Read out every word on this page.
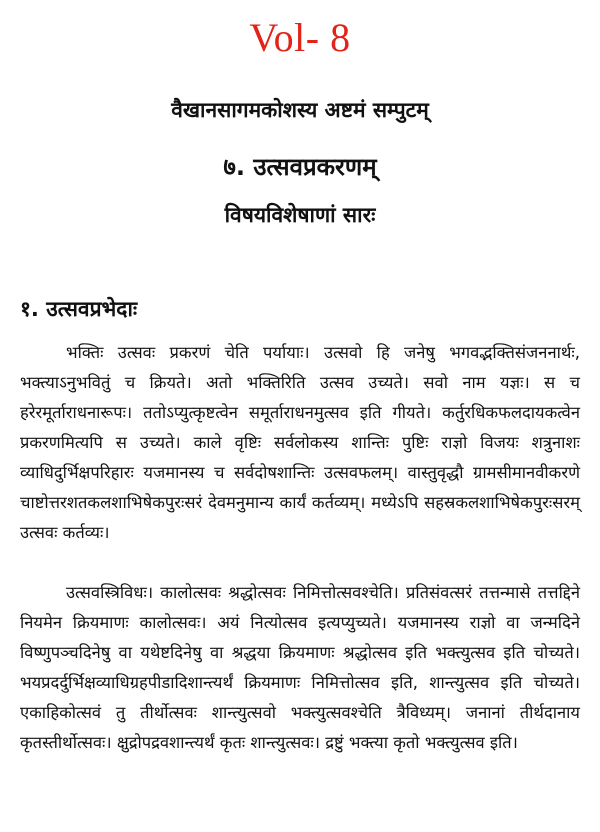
Vol- 8
वैखानसागमकोशस्य अष्टमं सम्पुटम्
७. उत्सवप्रकरणम्
विषयविशेषाणां सारः
१. उत्सवप्रभेदाः

भक्तिः उत्सवः प्रकरणं चेति पर्यायाः। उत्सवो हि जनेषु भगवद्भक्तिसंजननार्थः, भक्त्याऽनुभवितुं च क्रियते। अतो भक्तिरिति उत्सव उच्यते। सवो नाम यज्ञः। स च हरेरमूर्ताराधनारूपः। ततोऽप्युत्कृष्टत्वेन समूर्ताराधनमुत्सव इति गीयते। कर्तुरधिकफलदायकत्वेन प्रकरणमित्यपि स उच्यते। काले वृष्टिः सर्वलोकस्य शान्तिः पुष्टिः राज्ञो विजयः शत्रुनाशः व्याधिदुर्भिक्षपरिहारः यजमानस्य च सर्वदोषशान्तिः उत्सवफलम्। वास्तुवृद्धौ ग्रामसीमानवीकरणे चाष्टोत्तरशतकलशाभिषेकपुरःसरं देवमनुमान्य कार्यं कर्तव्यम्। मध्येऽपि सहस्रकलशाभिषेकपुरःसरम् उत्सवः कर्तव्यः।

उत्सवस्त्रिविधः। कालोत्सवः श्रद्धोत्सवः निमित्तोत्सवश्चेति। प्रतिसंवत्सरं तत्तन्मासे तत्तद्दिने नियमेन क्रियमाणः कालोत्सवः। अयं नित्योत्सव इत्यप्युच्यते। यजमानस्य राज्ञो वा जन्मदिने विष्णुपञ्चदिनेषु वा यथेष्टदिनेषु वा श्रद्धया क्रियमाणः श्रद्धोत्सव इति भक्त्युत्सव इति चोच्यते। भयप्रदर्दुर्भिक्षव्याधिग्रहपीडादिशान्त्यर्थं क्रियमाणः निमित्तोत्सव इति, शान्त्युत्सव इति चोच्यते। एकाहिकोत्सवं तु तीर्थोत्सवः शान्त्युत्सवो भक्त्युत्सवश्चेति त्रैविध्यम्। जनानां तीर्थदानाय कृतस्तीर्थोत्सवः। क्षुद्रोपद्रवशान्त्यर्थं कृतः शान्त्युत्सवः। द्रष्टुं भक्त्या कृतो भक्त्युत्सव इति।
